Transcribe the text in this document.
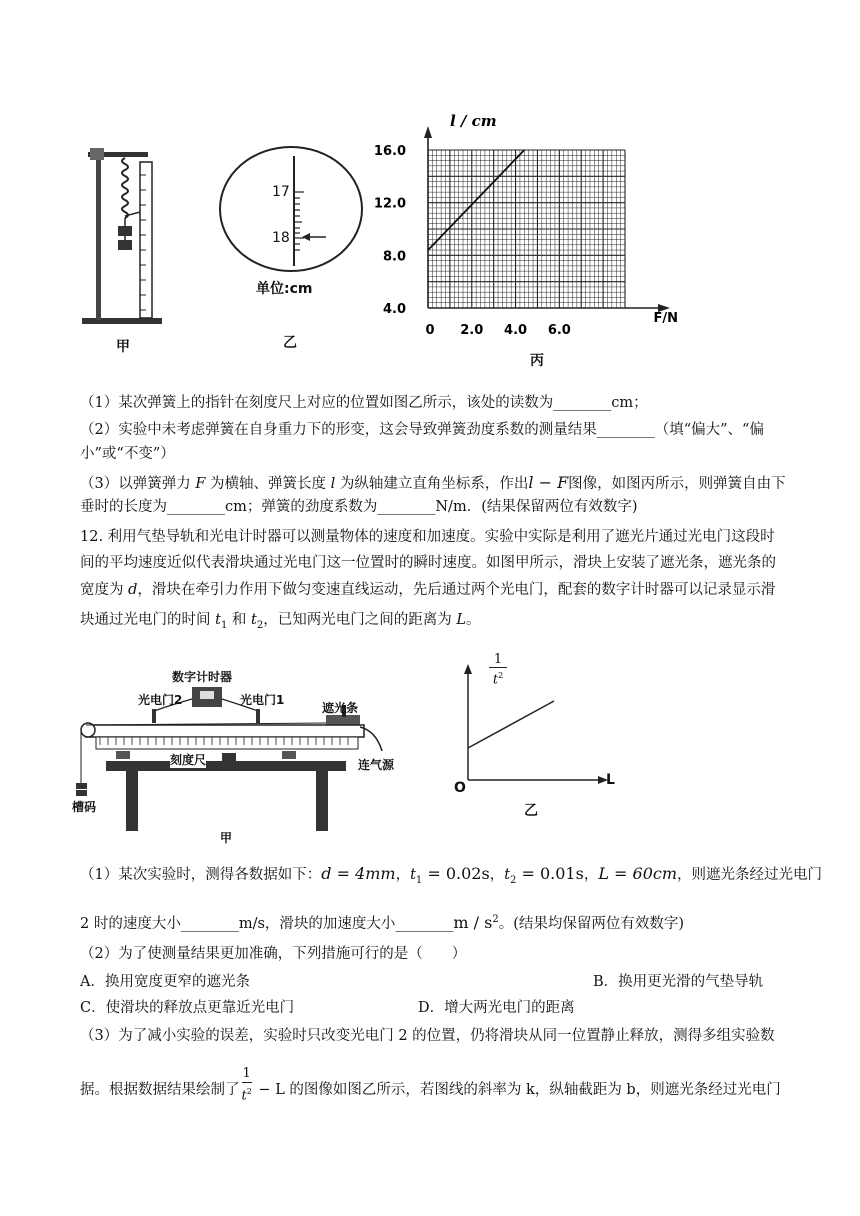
甲
17
18
单位:cm
乙
l / cm
F/N
0 2.0 4.0 6.0
4.0
8.0
12.0
16.0
丙
（1）某次弹簧上的指针在刻度尺上对应的位置如图乙所示，该处的读数为________cm；
（2）实验中未考虑弹簧在自身重力下的形变，这会导致弹簧劲度系数的测量结果________（填“偏大”、“偏
小”或“不变”）
（3）以弹簧弹力 F 为横轴、弹簧长度 l 为纵轴建立直角坐标系，作出l − F图像，如图丙所示，则弹簧自由下
垂时的长度为________cm；弹簧的劲度系数为________N/m．(结果保留两位有效数字)
12. 利用气垫导轨和光电计时器可以测量物体的速度和加速度。实验中实际是利用了遮光片通过光电门这段时
间的平均速度近似代表滑块通过光电门这一位置时的瞬时速度。如图甲所示，滑块上安装了遮光条，遮光条的
宽度为 d，滑块在牵引力作用下做匀变速直线运动，先后通过两个光电门，配套的数字计时器可以记录显示滑
块通过光电门的时间 $t_1$ 和 $t_2$，已知两光电门之间的距离为 L。
数字计时器
光电门2	光电门1
遮光条
刻度尺	连气源
槽码
甲
1
$t^2$
L
O
乙
（1）某次实验时，测得各数据如下：d = 4mm，$t_1 = 0.02s$，$t_2 = 0.01s$，L = 60cm，则遮光条经过光电门
2 时的速度大小________m/s，滑块的加速度大小________m / $s^2$。(结果均保留两位有效数字)
（2）为了使测量结果更加准确，下列措施可行的是（　　）
A．换用宽度更窄的遮光条	B．换用更光滑的气垫导轨
C．使滑块的释放点更靠近光电门	D．增大两光电门的距离
（3）为了减小实验的误差，实验时只改变光电门 2 的位置，仍将滑块从同一位置静止释放，测得多组实验数
据。根据数据结果绘制了 $\frac{1}{t^2} - L$ 的图像如图乙所示，若图线的斜率为 k，纵轴截距为 b，则遮光条经过光电门
